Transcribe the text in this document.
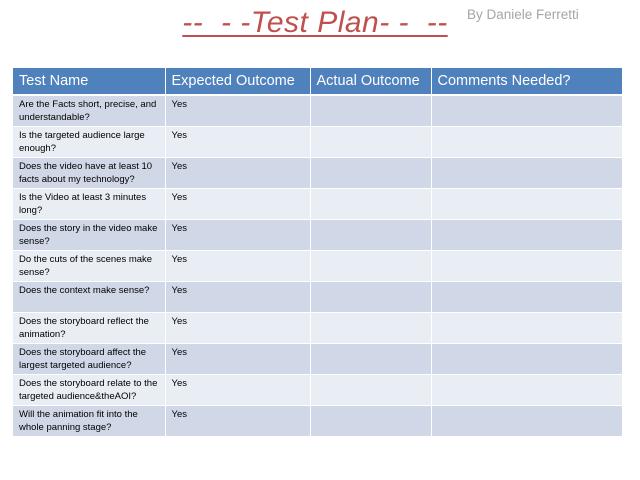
--  - -Test Plan- -  --	By Daniele Ferretti
Test Name	Expected Outcome	Actual Outcome	Comments Needed?
Are the Facts short, precise, and understandable?	Yes		
Is the targeted audience large enough?	Yes		
Does the video have at least 10 facts about my technology?	Yes		
Is the Video at least 3 minutes long?	Yes		
Does the story in the video make sense?	Yes		
Do the cuts of the scenes make sense?	Yes		
Does the context make sense?	Yes		
Does the storyboard reflect the animation?	Yes		
Does the storyboard affect the largest targeted audience?	Yes		
Does the storyboard relate to the targeted audience&theAOI?	Yes		
Will the animation fit into the whole panning stage?	Yes		
